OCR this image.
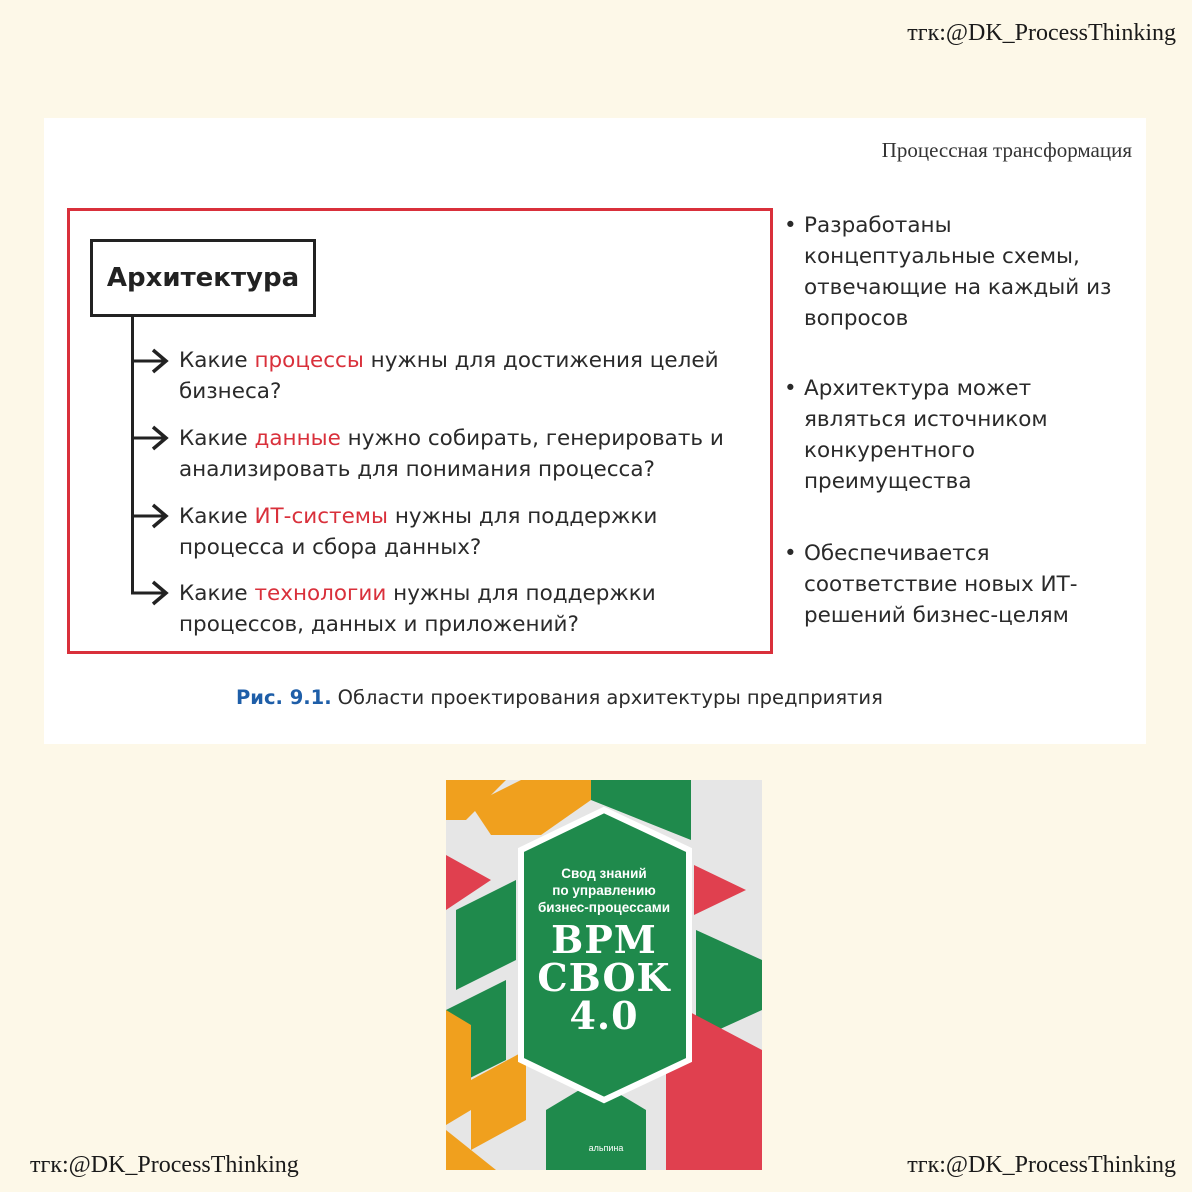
тгк:@DK_ProcessThinking
Процессная трансформация
Архитектура
Какие процессы нужны для достижения целей бизнеса?
Какие данные нужно собирать, генерировать и анализировать для понимания процесса?
Какие ИТ-системы нужны для поддержки процесса и сбора данных?
Какие технологии нужны для поддержки процессов, данных и приложений?
• Разработаны концептуальные схемы, отвечающие на каждый из вопросов
• Архитектура может являться источником конкурентного преимущества
• Обеспечивается соответствие новых ИТ-решений бизнес-целям
Рис. 9.1. Области проектирования архитектуры предприятия
Свод знаний
по управлению
бизнес-процессами
BPM
CBOK
4.0
альпина
тгк:@DK_ProcessThinking	тгк:@DK_ProcessThinking
